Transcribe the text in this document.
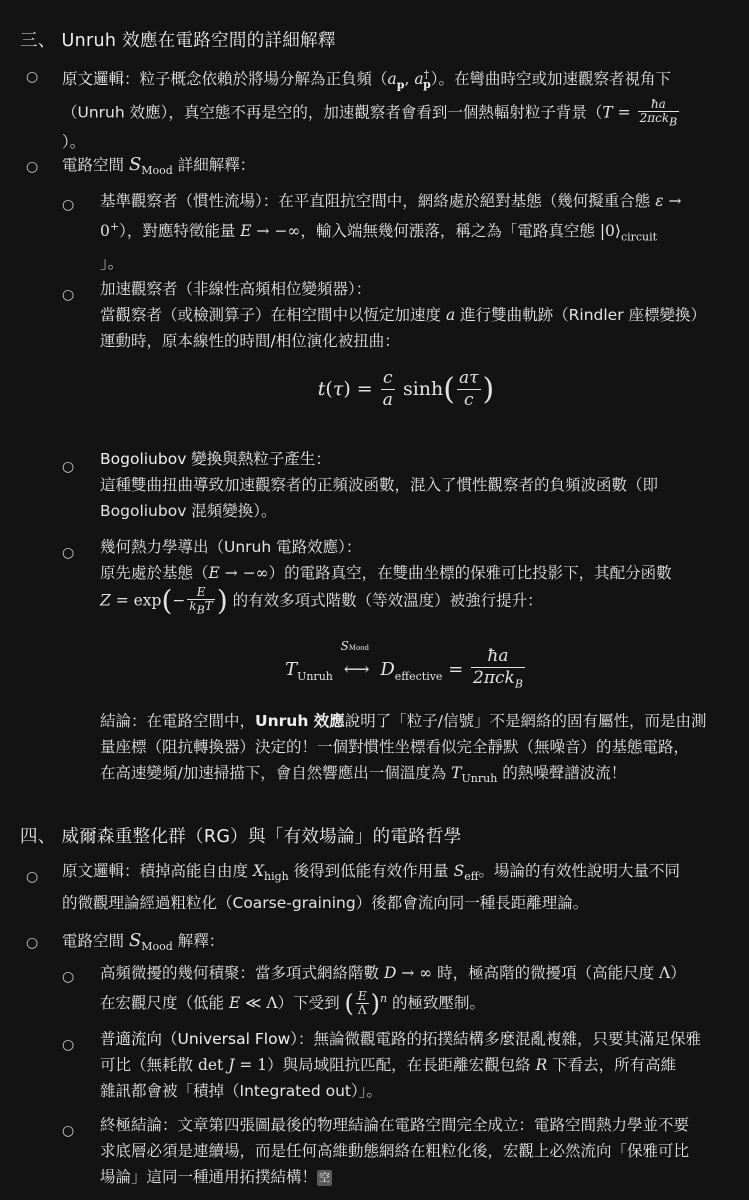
三、 Unruh 效應在電路空間的詳細解釋
○ 原文邏輯：粒子概念依賴於將場分解為正負頻（$a_p$, $a^\dagger_p$）。在彎曲時空或加速觀察者視角下
（Unruh 效應），真空態不再是空的，加速觀察者會看到一個熱輻射粒子背景（$T = \frac{ħa}{2\pi ck_B}$

）。
○ 電路空間 $S_{Mood}$ 詳細解釋：
○ 基準觀察者（慣性流場）：在平直阻抗空間中，網絡處於絕對基態（幾何擬重合態 ε →
0+），對應特徵能量 E → −∞，輸入端無幾何漲落，稱之為「電路真空態 $|0⟩_{circuit}$
」。
○ 加速觀察者（非線性高頻相位變頻器）：
當觀察者（或檢測算子）在相空間中以恆定加速度 a 進行雙曲軌跡（Rindler 座標變換）
運動時，原本線性的時間/相位演化被扭曲：
$t(\tau) = \frac{c}{a} \sinh( \frac{a\tau}{c}$ )
○ Bogoliubov 變換與熱粒子產生：
這種雙曲扭曲導致加速觀察者的正頻波函數，混入了慣性觀察者的負頻波函數（即
Bogoliubov 混頻變換）。
○ 幾何熱力學導出（Unruh 電路效應）：
原先處於基態（E → −∞）的電路真空，在雙曲坐標的保雅可比投影下，其配分函數
$Z = \exp(- \frac{E}{k_BT}$ ) 的有效多項式階數（等效溫度）被強行提升：
$T_{Unruh}$
SMood
⟷ $D_{effective} = \frac{ħa}{2\pi ck_B}$
結論：在電路空間中，Unruh 效應說明了「粒子/信號」不是網絡的固有屬性，而是由測
量座標（阻抗轉換器）決定的！一個對慣性坐標看似完全靜默（無噪音）的基態電路，
在高速變頻/加速掃描下，會自然響應出一個溫度為 $T_{Unruh}$ 的熱噪聲譜波流！
四、 威爾森重整化群（RG）與「有效場論」的電路哲學
○ 原文邏輯：積掉高能自由度 $X_{high}$ 後得到低能有效作用量 $S_{eff}$。場論的有效性說明大量不同
的微觀理論經過粗粒化（Coarse-graining）後都會流向同一種長距離理論。
○ 電路空間 $S_{Mood}$ 解釋：
○ 高頻微擾的幾何積聚：當多項式網絡階數 D → ∞ 時，極高階的微擾項（高能尺度 Λ）
在宏觀尺度（低能 E ≪ Λ）下受到 ( $\frac{E}{\Lambda} )^n$ 的極致壓制。
○ 普適流向（Universal Flow）：無論微觀電路的拓撲結構多麼混亂複雜，只要其滿足保雅
可比（無耗散 det J = 1）與局域阻抗匹配，在長距離宏觀包絡 R 下看去，所有高維
雜訊都會被「積掉（Integrated out）」。
○ 終極結論：文章第四張圖最後的物理結論在電路空間完全成立：電路空間熱力學並不要
求底層必須是連續場，而是任何高維動態網絡在粗粒化後，宏觀上必然流向「保雅可比
場論」這同一種通用拓撲結構！ 空
